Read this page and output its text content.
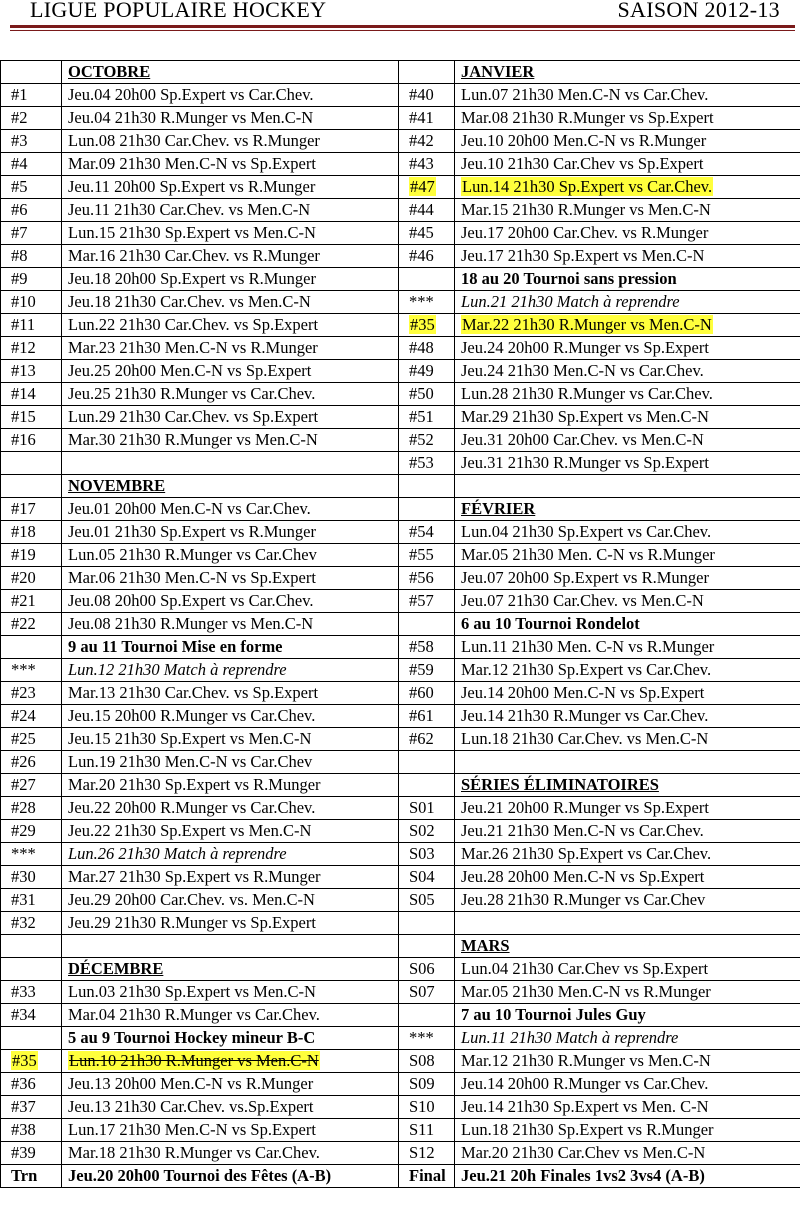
LIGUE POPULAIRE HOCKEY	SAISON 2012-13
	OCTOBRE		JANVIER
#1	Jeu.04 20h00 Sp.Expert vs Car.Chev.	#40	Lun.07 21h30 Men.C-N vs Car.Chev.
#2	Jeu.04 21h30 R.Munger vs Men.C-N	#41	Mar.08 21h30 R.Munger vs Sp.Expert
#3	Lun.08 21h30 Car.Chev. vs R.Munger	#42	Jeu.10 20h00 Men.C-N vs R.Munger
#4	Mar.09 21h30 Men.C-N vs Sp.Expert	#43	Jeu.10 21h30 Car.Chev vs Sp.Expert
#5	Jeu.11 20h00 Sp.Expert vs R.Munger	#47	Lun.14 21h30 Sp.Expert vs Car.Chev.
#6	Jeu.11 21h30 Car.Chev. vs Men.C-N	#44	Mar.15 21h30 R.Munger vs Men.C-N
#7	Lun.15 21h30 Sp.Expert vs Men.C-N	#45	Jeu.17 20h00 Car.Chev. vs R.Munger
#8	Mar.16 21h30 Car.Chev. vs R.Munger	#46	Jeu.17 21h30 Sp.Expert vs Men.C-N
#9	Jeu.18 20h00 Sp.Expert vs R.Munger		18 au 20 Tournoi sans pression
#10	Jeu.18 21h30 Car.Chev. vs Men.C-N	***	Lun.21 21h30 Match à reprendre
#11	Lun.22 21h30 Car.Chev. vs Sp.Expert	#35	Mar.22 21h30 R.Munger vs Men.C-N
#12	Mar.23 21h30 Men.C-N vs R.Munger	#48	Jeu.24 20h00 R.Munger vs Sp.Expert
#13	Jeu.25 20h00 Men.C-N vs Sp.Expert	#49	Jeu.24 21h30 Men.C-N vs Car.Chev.
#14	Jeu.25 21h30 R.Munger vs Car.Chev.	#50	Lun.28 21h30 R.Munger vs Car.Chev.
#15	Lun.29 21h30 Car.Chev. vs Sp.Expert	#51	Mar.29 21h30 Sp.Expert vs Men.C-N
#16	Mar.30 21h30 R.Munger vs Men.C-N	#52	Jeu.31 20h00 Car.Chev. vs Men.C-N
		#53	Jeu.31 21h30 R.Munger vs Sp.Expert
	NOVEMBRE		
#17	Jeu.01 20h00 Men.C-N vs Car.Chev.		FÉVRIER
#18	Jeu.01 21h30 Sp.Expert vs R.Munger	#54	Lun.04 21h30 Sp.Expert vs Car.Chev.
#19	Lun.05 21h30 R.Munger vs Car.Chev	#55	Mar.05 21h30 Men. C-N vs R.Munger
#20	Mar.06 21h30 Men.C-N vs Sp.Expert	#56	Jeu.07 20h00 Sp.Expert vs R.Munger
#21	Jeu.08 20h00 Sp.Expert vs Car.Chev.	#57	Jeu.07 21h30 Car.Chev. vs Men.C-N
#22	Jeu.08 21h30 R.Munger vs Men.C-N		6 au 10 Tournoi Rondelot
	9 au 11 Tournoi Mise en forme	#58	Lun.11 21h30 Men. C-N vs R.Munger
***	Lun.12 21h30 Match à reprendre	#59	Mar.12 21h30 Sp.Expert vs Car.Chev.
#23	Mar.13 21h30 Car.Chev. vs Sp.Expert	#60	Jeu.14 20h00 Men.C-N vs Sp.Expert
#24	Jeu.15 20h00 R.Munger vs Car.Chev.	#61	Jeu.14 21h30 R.Munger vs Car.Chev.
#25	Jeu.15 21h30 Sp.Expert vs Men.C-N	#62	Lun.18 21h30 Car.Chev. vs Men.C-N
#26	Lun.19 21h30 Men.C-N vs Car.Chev		
#27	Mar.20 21h30 Sp.Expert vs R.Munger		SÉRIES ÉLIMINATOIRES
#28	Jeu.22 20h00 R.Munger vs Car.Chev.	S01	Jeu.21 20h00 R.Munger vs Sp.Expert
#29	Jeu.22 21h30 Sp.Expert vs Men.C-N	S02	Jeu.21 21h30 Men.C-N vs Car.Chev.
***	Lun.26 21h30 Match à reprendre	S03	Mar.26 21h30 Sp.Expert vs Car.Chev.
#30	Mar.27 21h30 Sp.Expert vs R.Munger	S04	Jeu.28 20h00 Men.C-N vs Sp.Expert
#31	Jeu.29 20h00 Car.Chev. vs. Men.C-N	S05	Jeu.28 21h30 R.Munger vs Car.Chev
#32	Jeu.29 21h30 R.Munger vs Sp.Expert		
			MARS
	DÉCEMBRE	S06	Lun.04 21h30 Car.Chev vs Sp.Expert
#33	Lun.03 21h30 Sp.Expert vs Men.C-N	S07	Mar.05 21h30 Men.C-N vs R.Munger
#34	Mar.04 21h30 R.Munger vs Car.Chev.		7 au 10 Tournoi Jules Guy
	5 au 9 Tournoi Hockey mineur B-C	***	Lun.11 21h30 Match à reprendre
#35	Lun.10 21h30 R.Munger vs Men.C-N	S08	Mar.12 21h30 R.Munger vs Men.C-N
#36	Jeu.13 20h00 Men.C-N vs R.Munger	S09	Jeu.14 20h00 R.Munger vs Car.Chev.
#37	Jeu.13 21h30 Car.Chev. vs.Sp.Expert	S10	Jeu.14 21h30 Sp.Expert vs Men. C-N
#38	Lun.17 21h30 Men.C-N vs Sp.Expert	S11	Lun.18 21h30 Sp.Expert vs R.Munger
#39	Mar.18 21h30 R.Munger vs Car.Chev.	S12	Mar.20 21h30 Car.Chev vs Men.C-N
Trn	Jeu.20 20h00 Tournoi des Fêtes (A-B)	Final	Jeu.21 20h Finales 1vs2 3vs4 (A-B)
